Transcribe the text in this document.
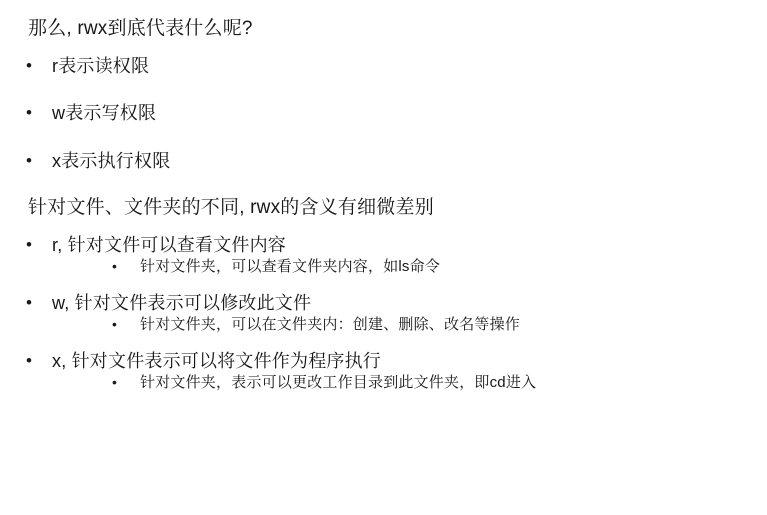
那么, rwx到底代表什么呢?
•	r表示读权限
•	w表示写权限
•	x表示执行权限
针对文件、文件夹的不同, rwx的含义有细微差别
•	r, 针对文件可以查看文件内容
•	针对文件夹，可以查看文件夹内容，如ls命令
•	w, 针对文件表示可以修改此文件
•	针对文件夹，可以在文件夹内：创建、删除、改名等操作
•	x, 针对文件表示可以将文件作为程序执行
•	针对文件夹，表示可以更改工作目录到此文件夹，即cd进入
